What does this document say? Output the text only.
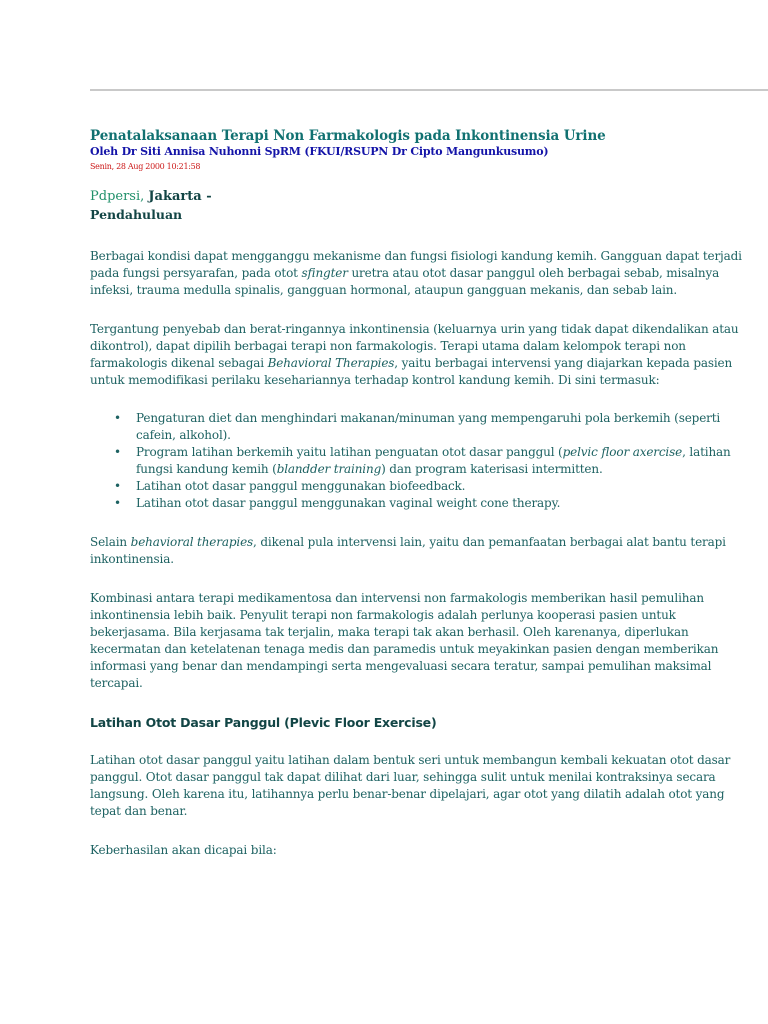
Penatalaksanaan Terapi Non Farmakologis pada Inkontinensia Urine
Oleh Dr Siti Annisa Nuhonni SpRM (FKUI/RSUPN Dr Cipto Mangunkusumo)
Senin, 28 Aug 2000 10:21:58
Pdpersi, Jakarta -
Pendahuluan

Berbagai kondisi dapat mengganggu mekanisme dan fungsi fisiologi kandung kemih. Gangguan dapat terjadi pada fungsi persyarafan, pada otot sfingter uretra atau otot dasar panggul oleh berbagai sebab, misalnya infeksi, trauma medulla spinalis, gangguan hormonal, ataupun gangguan mekanis, dan sebab lain.

Tergantung penyebab dan berat-ringannya inkontinensia (keluarnya urin yang tidak dapat dikendalikan atau dikontrol), dapat dipilih berbagai terapi non farmakologis. Terapi utama dalam kelompok terapi non farmakologis dikenal sebagai Behavioral Therapies, yaitu berbagai intervensi yang diajarkan kepada pasien untuk memodifikasi perilaku kesehariannya terhadap kontrol kandung kemih. Di sini termasuk:

• Pengaturan diet dan menghindari makanan/minuman yang mempengaruhi pola berkemih (seperti cafein, alkohol).
• Program latihan berkemih yaitu latihan penguatan otot dasar panggul (pelvic floor axercise, latihan fungsi kandung kemih (blandder training) dan program katerisasi intermitten.
• Latihan otot dasar panggul menggunakan biofeedback.
• Latihan otot dasar panggul menggunakan vaginal weight cone therapy.

Selain behavioral therapies, dikenal pula intervensi lain, yaitu dan pemanfaatan berbagai alat bantu terapi inkontinensia.

Kombinasi antara terapi medikamentosa dan intervensi non farmakologis memberikan hasil pemulihan inkontinensia lebih baik. Penyulit terapi non farmakologis adalah perlunya kooperasi pasien untuk bekerjasama. Bila kerjasama tak terjalin, maka terapi tak akan berhasil. Oleh karenanya, diperlukan kecermatan dan ketelatenan tenaga medis dan paramedis untuk meyakinkan pasien dengan memberikan informasi yang benar dan mendampingi serta mengevaluasi secara teratur, sampai pemulihan maksimal tercapai.

Latihan Otot Dasar Panggul (Plevic Floor Exercise)

Latihan otot dasar panggul yaitu latihan dalam bentuk seri untuk membangun kembali kekuatan otot dasar panggul. Otot dasar panggul tak dapat dilihat dari luar, sehingga sulit untuk menilai kontraksinya secara langsung. Oleh karena itu, latihannya perlu benar-benar dipelajari, agar otot yang dilatih adalah otot yang tepat dan benar.

Keberhasilan akan dicapai bila:
